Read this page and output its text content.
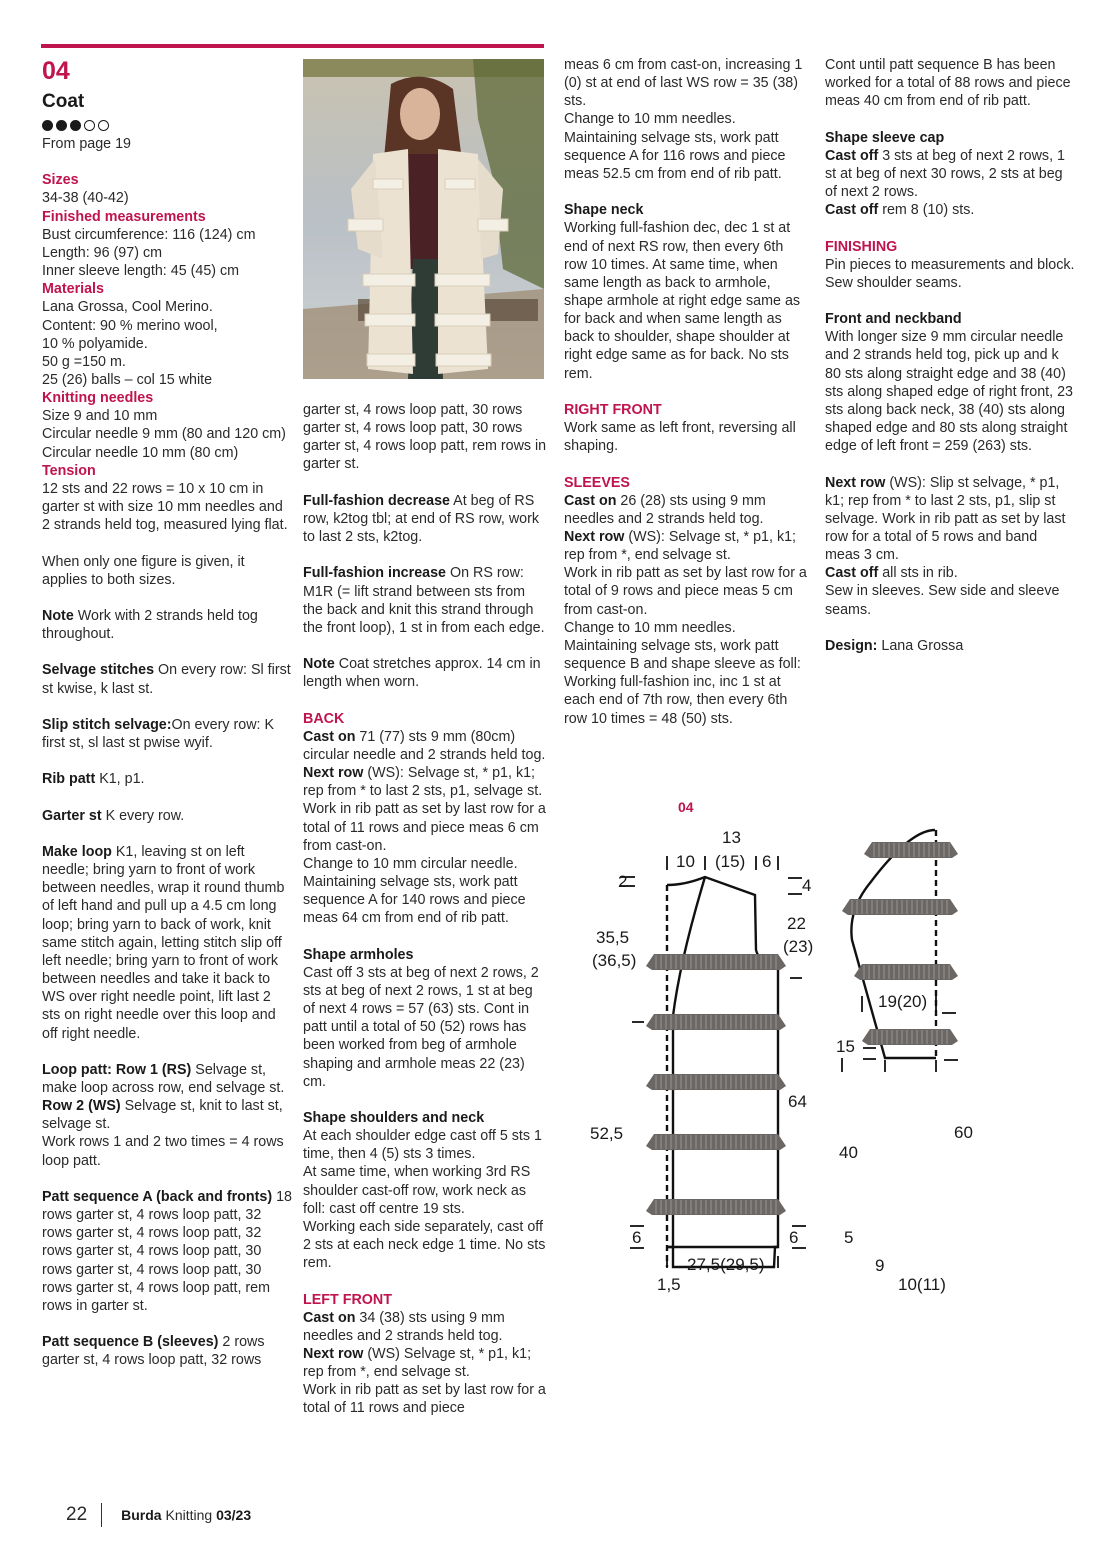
04

Coat

From page 19

Sizes

34-38 (40-42)

Finished measurements

Bust circumference: 116 (124) cm

Length: 96 (97) cm

Inner sleeve length: 45 (45) cm

Materials

Lana Grossa, Cool Merino.

Content: 90 % merino wool,

10 % polyamide.

50 g =150 m.

25 (26) balls – col 15 white

Knitting needles

Size 9 and 10 mm

Circular needle 9 mm (80 and 120 cm)

Circular needle 10 mm (80 cm)

Tension

12 sts and 22 rows = 10 x 10 cm in garter st with size 10 mm needles and 2 strands held tog, measured lying flat.

When only one figure is given, it applies to both sizes.

Note Work with 2 strands held tog throughout.

Selvage stitches On every row: Sl first st kwise, k last st.

Slip stitch selvage:On every row: K first st, sl last st pwise wyif.

Rib patt K1, p1.

Garter st K every row.

Make loop K1, leaving st on left needle; bring yarn to front of work between needles, wrap it round thumb of left hand and pull up a 4.5 cm long loop; bring yarn to back of work, knit same stitch again, letting stitch slip off left needle; bring yarn to front of work between needles and take it back to WS over right needle point, lift last 2 sts on right needle over this loop and off right needle.

Loop patt: Row 1 (RS) Selvage st, make loop across row, end selvage st.

Row 2 (WS) Selvage st, knit to last st, selvage st.

Work rows 1 and 2 two times = 4 rows loop patt.

Patt sequence A (back and fronts) 18 rows garter st, 4 rows loop patt, 32 rows garter st, 4 rows loop patt, 32 rows garter st, 4 rows loop patt, 30 rows garter st, 4 rows loop patt, 30 rows garter st, 4 rows loop patt, rem rows in garter st.

Patt sequence B (sleeves) 2 rows garter st, 4 rows loop patt, 32 rows

garter st, 4 rows loop patt, 30 rows garter st, 4 rows loop patt, 30 rows garter st, 4 rows loop patt, rem rows in garter st.

Full-fashion decrease At beg of RS row, k2tog tbl; at end of RS row, work to last 2 sts, k2tog.

Full-fashion increase On RS row: M1R (= lift strand between sts from the back and knit this strand through the front loop), 1 st in from each edge.

Note Coat stretches approx. 14 cm in length when worn.

BACK

Cast on 71 (77) sts 9 mm (80cm) circular needle and 2 strands held tog.

Next row (WS): Selvage st, * p1, k1; rep from * to last 2 sts, p1, selvage st. Work in rib patt as set by last row for a total of 11 rows and piece meas 6 cm from cast-on.

Change to 10 mm circular needle. Maintaining selvage sts, work patt sequence A for 140 rows and piece meas 64 cm from end of rib patt.

Shape armholes

Cast off 3 sts at beg of next 2 rows, 2 sts at beg of next 2 rows, 1 st at beg of next 4 rows = 57 (63) sts. Cont in patt until a total of 50 (52) rows has been worked from beg of armhole shaping and armhole meas 22 (23) cm.

Shape shoulders and neck

At each shoulder edge cast off 5 sts 1 time, then 4 (5) sts 3 times.

At same time, when working 3rd RS shoulder cast-off row, work neck as foll: cast off centre 19 sts.

Working each side separately, cast off 2 sts at each neck edge 1 time. No sts rem.

LEFT FRONT

Cast on 34 (38) sts using 9 mm needles and 2 strands held tog.

Next row (WS) Selvage st, * p1, k1; rep from *, end selvage st.

Work in rib patt as set by last row for a total of 11 rows and piece

meas 6 cm from cast-on, increasing 1 (0) st at end of last WS row = 35 (38) sts.

Change to 10 mm needles.

Maintaining selvage sts, work patt sequence A for 116 rows and piece meas 52.5 cm from end of rib patt.

Shape neck

Working full-fashion dec, dec 1 st at end of next RS row, then every 6th row 10 times. At same time, when same length as back to armhole, shape armhole at right edge same as for back and when same length as back to shoulder, shape shoulder at right edge same as for back. No sts rem.

RIGHT FRONT

Work same as left front, reversing all shaping.

SLEEVES

Cast on 26 (28) sts using 9 mm needles and 2 strands held tog.

Next row (WS): Selvage st, * p1, k1; rep from *, end selvage st.

Work in rib patt as set by last row for a total of 9 rows and piece meas 5 cm from cast-on.

Change to 10 mm needles.

Maintaining selvage sts, work patt sequence B and shape sleeve as foll: Working full-fashion inc, inc 1 st at each end of 7th row, then every 6th row 10 times = 48 (50) sts.

Cont until patt sequence B has been worked for a total of 88 rows and piece meas 40 cm from end of rib patt.

Shape sleeve cap

Cast off 3 sts at beg of next 2 rows, 1 st at beg of next 30 rows, 2 sts at beg of next 2 rows.

Cast off rem 8 (10) sts.

FINISHING

Pin pieces to measurements and block. Sew shoulder seams.

Front and neckband

With longer size 9 mm circular needle and 2 strands held tog, pick up and k 80 sts along straight edge and 38 (40) sts along shaped edge of right front, 23 sts along back neck, 38 (40) sts along shaped edge and 80 sts along straight edge of left front = 259 (263) sts.

Next row (WS): Slip st selvage, * p1, k1; rep from * to last 2 sts, p1, slip st selvage. Work in rib patt as set by last row for a total of 5 rows and band meas 3 cm.

Cast off all sts in rib.

Sew in sleeves. Sew side and sleeve seams.

Design: Lana Grossa

04
13
10 (15) 6
2	4
22
(23)
35,5
(36,5)
64
52,5
6	6
27,5(29,5)
1,5
19(20)
15
40
60
5
9
10(11)
22 Burda Knitting 03/23
